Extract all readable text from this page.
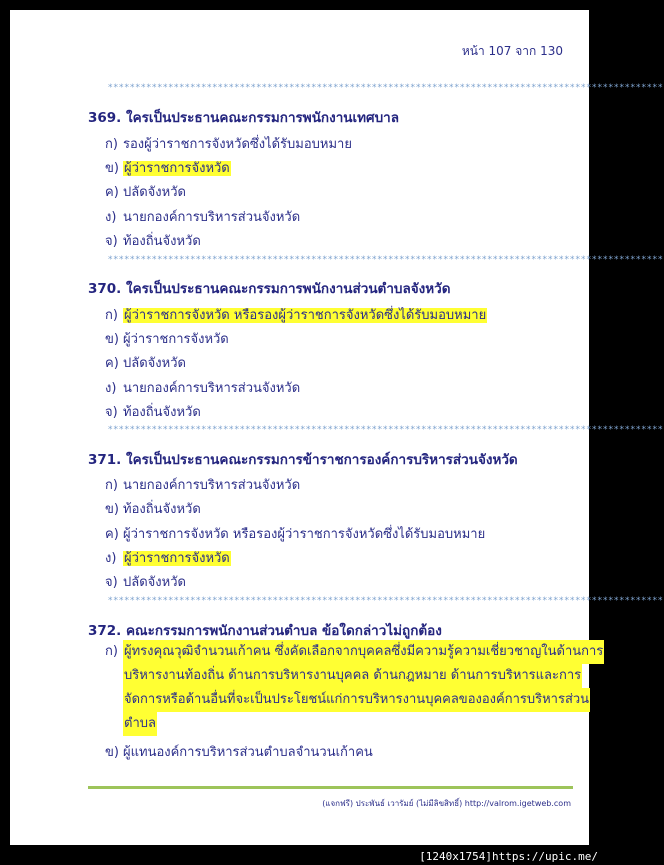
หน้า 107 จาก 130
*****************************************************************************************************
369. ใครเป็นประธานคณะกรรมการพนักงานเทศบาล
ก) รองผู้ว่าราชการจังหวัดซึ่งได้รับมอบหมาย
ข) ผู้ว่าราชการจังหวัด
ค) ปลัดจังหวัด
ง) นายกองค์การบริหารส่วนจังหวัด
จ) ท้องถิ่นจังหวัด
*****************************************************************************************************
370. ใครเป็นประธานคณะกรรมการพนักงานส่วนตำบลจังหวัด
ก) ผู้ว่าราชการจังหวัด หรือรองผู้ว่าราชการจังหวัดซึ่งได้รับมอบหมาย
ข) ผู้ว่าราชการจังหวัด
ค) ปลัดจังหวัด
ง) นายกองค์การบริหารส่วนจังหวัด
จ) ท้องถิ่นจังหวัด
*****************************************************************************************************
371. ใครเป็นประธานคณะกรรมการข้าราชการองค์การบริหารส่วนจังหวัด
ก) นายกองค์การบริหารส่วนจังหวัด
ข) ท้องถิ่นจังหวัด
ค) ผู้ว่าราชการจังหวัด หรือรองผู้ว่าราชการจังหวัดซึ่งได้รับมอบหมาย
ง) ผู้ว่าราชการจังหวัด
จ) ปลัดจังหวัด
*****************************************************************************************************
372. คณะกรรมการพนักงานส่วนตำบล ข้อใดกล่าวไม่ถูกต้อง
ก) ผู้ทรงคุณวุฒิจำนวนเก้าคน ซึ่งคัดเลือกจากบุคคลซึ่งมีความรู้ความเชี่ยวชาญในด้านการ
บริหารงานท้องถิ่น ด้านการบริหารงานบุคคล ด้านกฎหมาย ด้านการบริหารและการ
จัดการหรือด้านอื่นที่จะเป็นประโยชน์แก่การบริหารงานบุคคลขององค์การบริหารส่วน
ตำบล
ข) ผู้แทนองค์การบริหารส่วนตำบลจำนวนเก้าคน
(แจกฟรี) ประพันธ์ เวารัมย์ (ไม่มีลิขสิทธิ์) http://valrom.igetweb.com
[1240x1754]https://upic.me/
